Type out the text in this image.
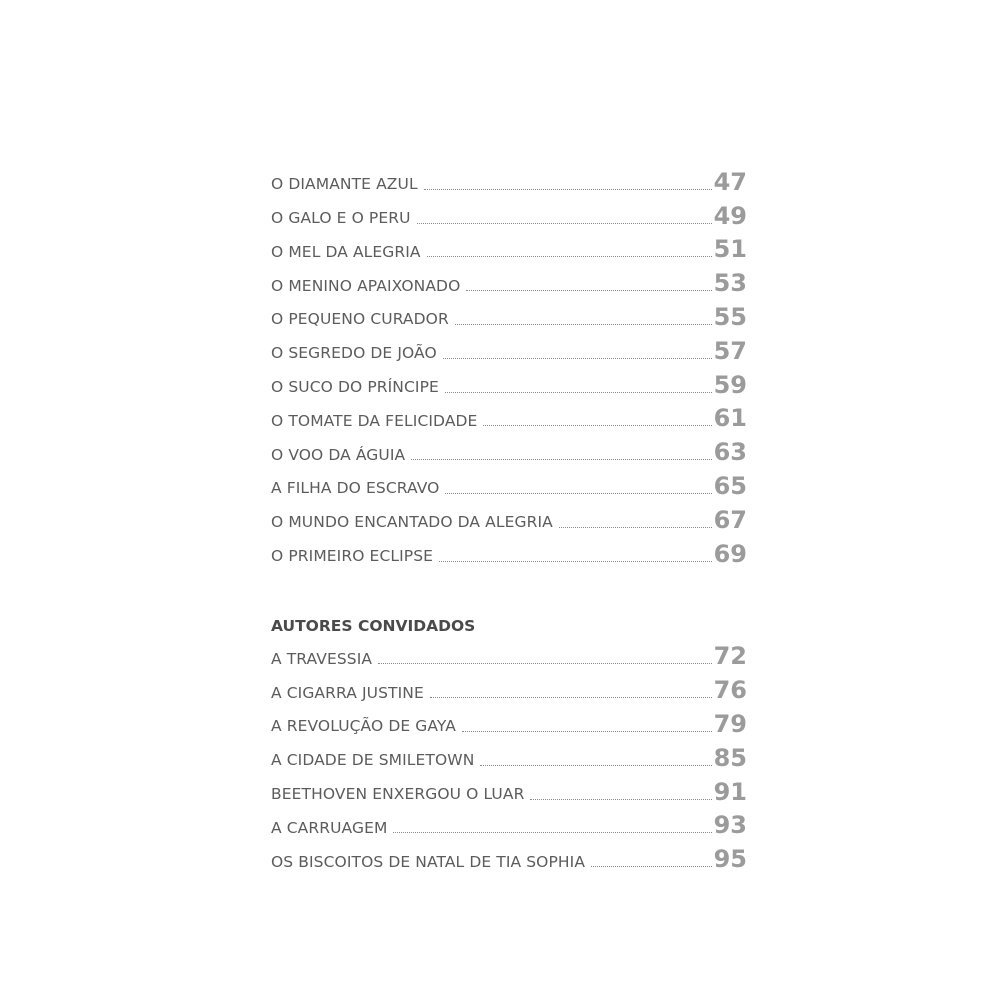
O DIAMANTE AZUL	47
O GALO E O PERU	49
O MEL DA ALEGRIA	51
O MENINO APAIXONADO	53
O PEQUENO CURADOR	55
O SEGREDO DE JOÃO	57
O SUCO DO PRÍNCIPE	59
O TOMATE DA FELICIDADE	61
O VOO DA ÁGUIA	63
A FILHA DO ESCRAVO	65
O MUNDO ENCANTADO DA ALEGRIA	67
O PRIMEIRO ECLIPSE	69
AUTORES CONVIDADOS
A TRAVESSIA	72
A CIGARRA JUSTINE	76
A REVOLUÇÃO DE GAYA	79
A CIDADE DE SMILETOWN	85
BEETHOVEN ENXERGOU O LUAR	91
A CARRUAGEM	93
OS BISCOITOS DE NATAL DE TIA SOPHIA	95
